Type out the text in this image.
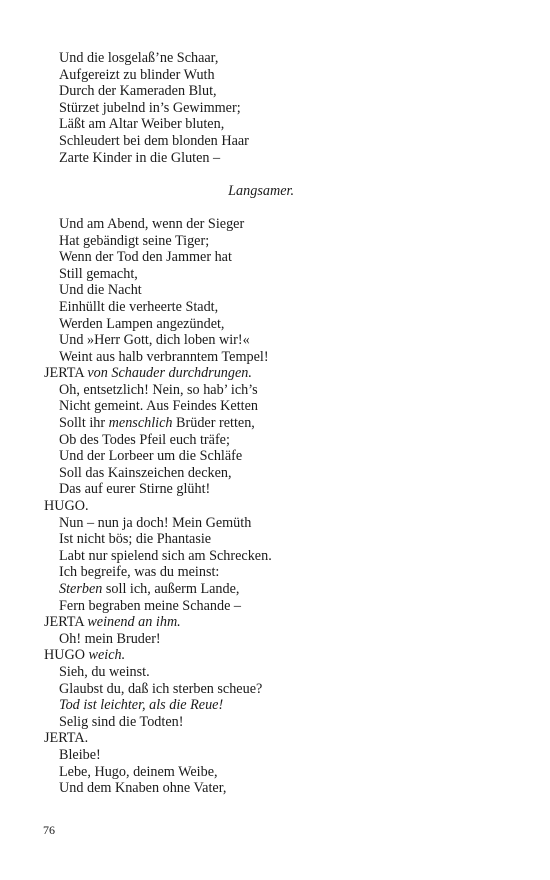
Und die losgelaß’ne Schaar,
Aufgereizt zu blinder Wuth
Durch der Kameraden Blut,
Stürzet jubelnd in’s Gewimmer;
Läßt am Altar Weiber bluten,
Schleudert bei dem blonden Haar
Zarte Kinder in die Gluten –
Langsamer.
Und am Abend, wenn der Sieger
Hat gebändigt seine Tiger;
Wenn der Tod den Jammer hat
Still gemacht,
Und die Nacht
Einhüllt die verheerte Stadt,
Werden Lampen angezündet,
Und »Herr Gott, dich loben wir!«
Weint aus halb verbranntem Tempel!
JERTA von Schauder durchdrungen.
Oh, entsetzlich! Nein, so hab’ ich’s
Nicht gemeint. Aus Feindes Ketten
Sollt ihr menschlich Brüder retten,
Ob des Todes Pfeil euch träfe;
Und der Lorbeer um die Schläfe
Soll das Kainszeichen decken,
Das auf eurer Stirne glüht!
HUGO.
Nun – nun ja doch! Mein Gemüth
Ist nicht bös; die Phantasie
Labt nur spielend sich am Schrecken.
Ich begreife, was du meinst:
Sterben soll ich, außerm Lande,
Fern begraben meine Schande –
JERTA weinend an ihm.
Oh! mein Bruder!
HUGO weich.
Sieh, du weinst.
Glaubst du, daß ich sterben scheue?
Tod ist leichter, als die Reue!
Selig sind die Todten!
JERTA.
Bleibe!
Lebe, Hugo, deinem Weibe,
Und dem Knaben ohne Vater,
76
